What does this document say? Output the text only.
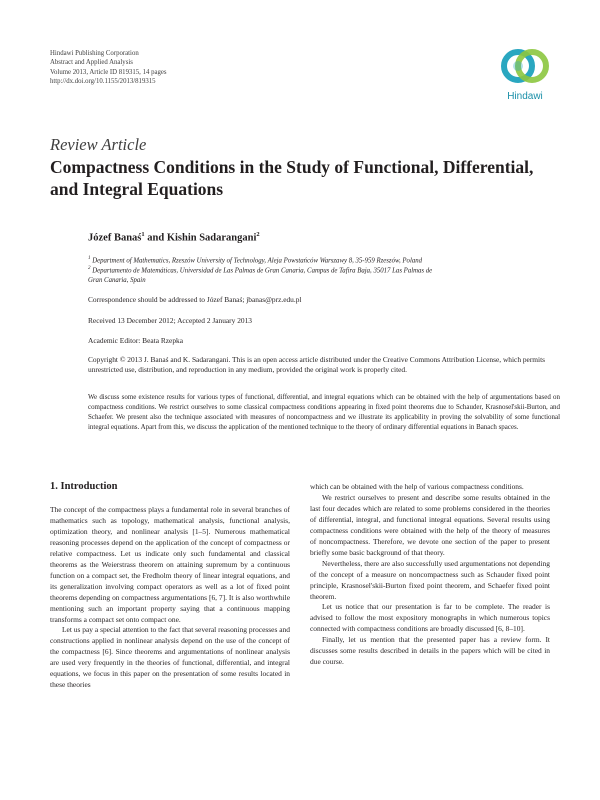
Hindawi Publishing Corporation
Abstract and Applied Analysis
Volume 2013, Article ID 819315, 14 pages
http://dx.doi.org/10.1155/2013/819315
Hindawi
Review Article
Compactness Conditions in the Study of Functional, Differential, and Integral Equations
Józef Banaś$^1$ and Kishin Sadarangani$^2$
$^1$ Department of Mathematics, Rzeszów University of Technology, Aleja Powstańców Warszawy 8, 35-959 Rzeszów, Poland
$^2$ Departamento de Matemáticas, Universidad de Las Palmas de Gran Canaria, Campus de Tafira Baja, 35017 Las Palmas de Gran Canaria, Spain
Correspondence should be addressed to Józef Banaś; jbanas@prz.edu.pl
Received 13 December 2012; Accepted 2 January 2013
Academic Editor: Beata Rzepka
Copyright © 2013 J. Banaś and K. Sadarangani. This is an open access article distributed under the Creative Commons Attribution License, which permits unrestricted use, distribution, and reproduction in any medium, provided the original work is properly cited.
We discuss some existence results for various types of functional, differential, and integral equations which can be obtained with the help of argumentations based on compactness conditions. We restrict ourselves to some classical compactness conditions appearing in fixed point theorems due to Schauder, Krasnosel'skii-Burton, and Schaefer. We present also the technique associated with measures of noncompactness and we illustrate its applicability in proving the solvability of some functional integral equations. Apart from this, we discuss the application of the mentioned technique to the theory of ordinary differential equations in Banach spaces.
1. Introduction

The concept of the compactness plays a fundamental role in several branches of mathematics such as topology, mathematical analysis, functional analysis, optimization theory, and nonlinear analysis [1–5]. Numerous mathematical reasoning processes depend on the application of the concept of compactness or relative compactness. Let us indicate only such fundamental and classical theorems as the Weierstrass theorem on attaining supremum by a continuous function on a compact set, the Fredholm theory of linear integral equations, and its generalization involving compact operators as well as a lot of fixed point theorems depending on compactness argumentations [6, 7]. It is also worthwhile mentioning such an important property saying that a continuous mapping transforms a compact set onto compact one.

Let us pay a special attention to the fact that several reasoning processes and constructions applied in nonlinear analysis depend on the use of the concept of the compactness [6]. Since theorems and argumentations of nonlinear analysis are used very frequently in the theories of functional, differential, and integral equations, we focus in this paper on the presentation of some results located in these theories

which can be obtained with the help of various compactness conditions.

We restrict ourselves to present and describe some results obtained in the last four decades which are related to some problems considered in the theories of differential, integral, and functional integral equations. Several results using compactness conditions were obtained with the help of the theory of measures of noncompactness. Therefore, we devote one section of the paper to present briefly some basic background of that theory.

Nevertheless, there are also successfully used argumentations not depending of the concept of a measure on noncompactness such as Schauder fixed point principle, Krasnosel'skii-Burton fixed point theorem, and Schaefer fixed point theorem.

Let us notice that our presentation is far to be complete. The reader is advised to follow the most expository monographs in which numerous topics connected with compactness conditions are broadly discussed [6, 8–10].

Finally, let us mention that the presented paper has a review form. It discusses some results described in details in the papers which will be cited in due course.
